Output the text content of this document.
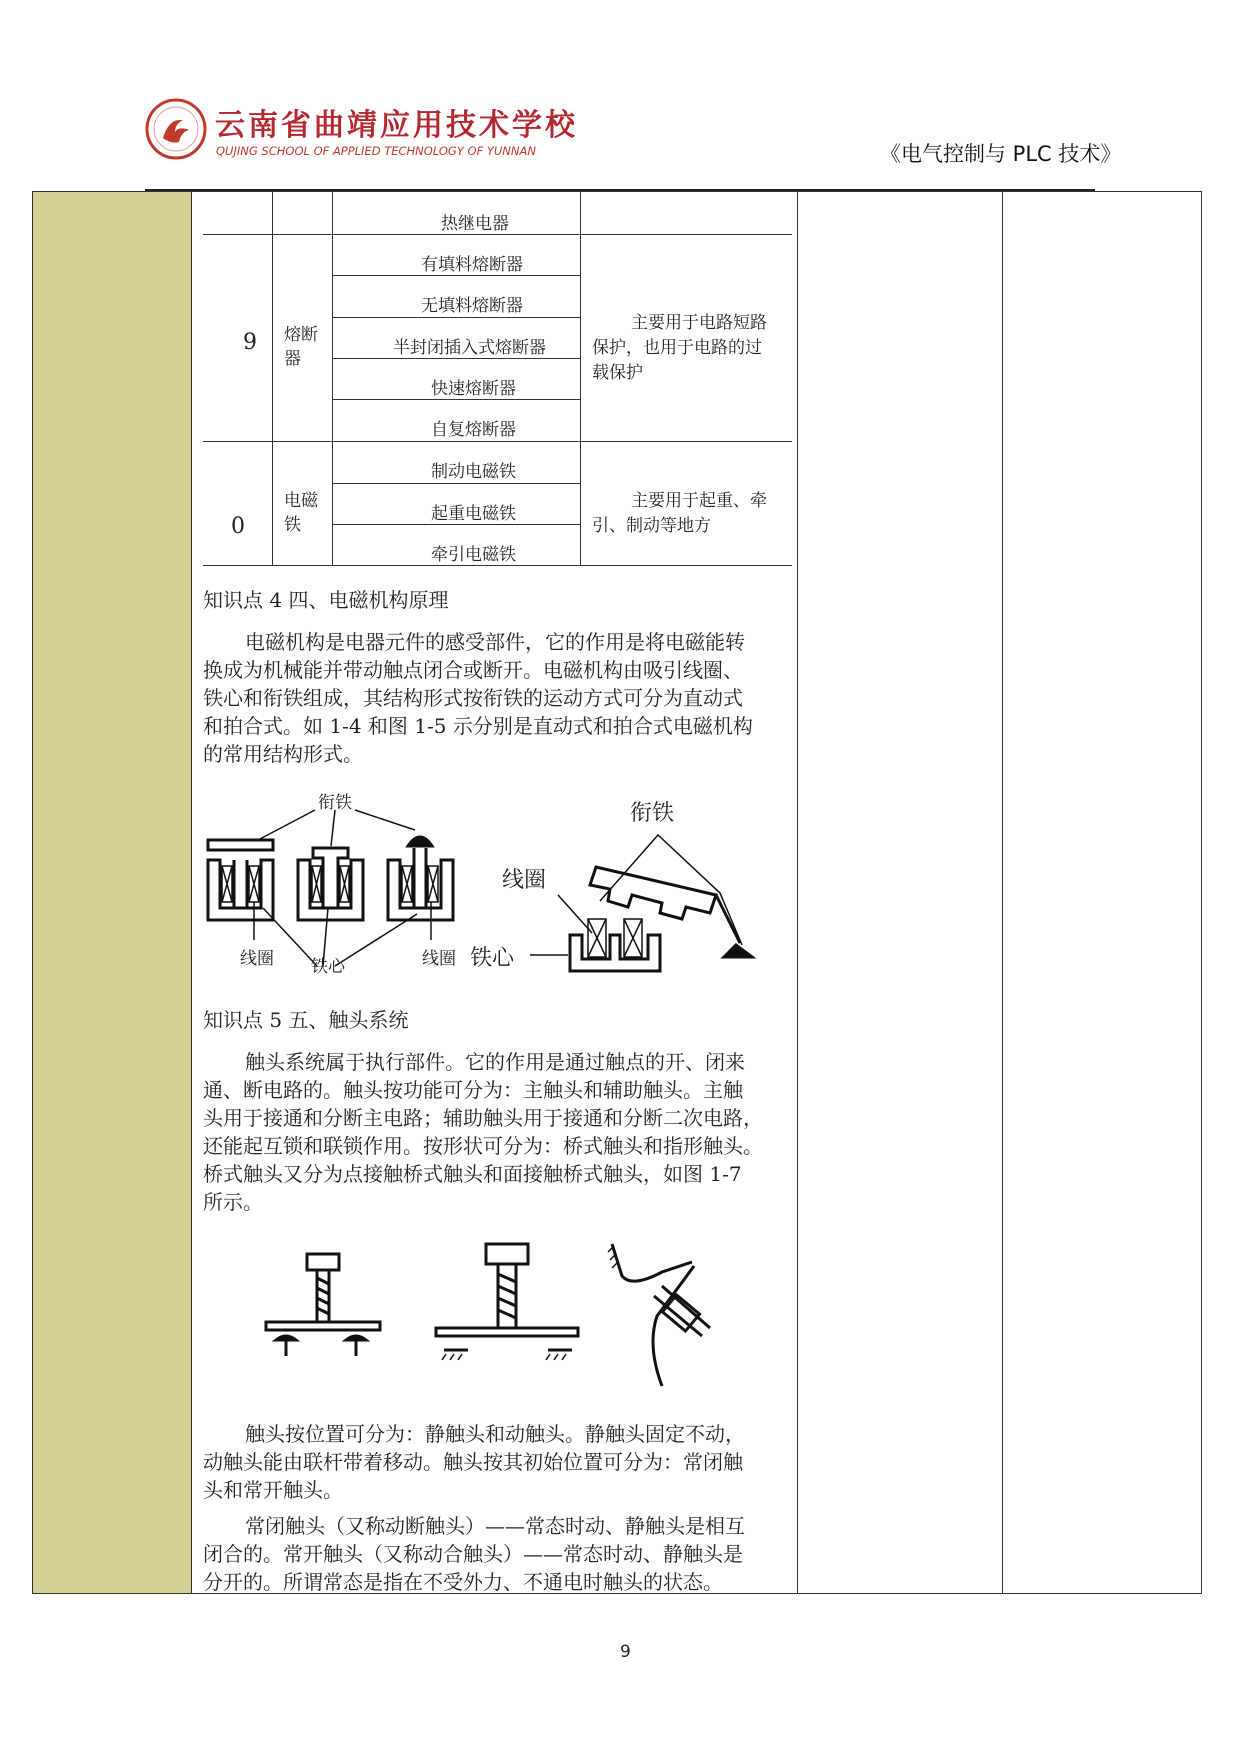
云南省曲靖应用技术学校
QUJING SCHOOL OF APPLIED TECHNOLOGY OF YUNNAN	《电气控制与 PLC 技术》
热继电器
9 熔断
器
有填料熔断器
无填料熔断器
半封闭插入式熔断器
快速熔断器
自复熔断器
主要用于电路短路
保护，也用于电路的过
载保护
0
电磁
铁
制动电磁铁
起重电磁铁
牵引电磁铁
主要用于起重、牵
引、制动等地方
知识点 4 四、电磁机构原理
电磁机构是电器元件的感受部件，它的作用是将电磁能转
换成为机械能并带动触点闭合或断开。电磁机构由吸引线圈、
铁心和衔铁组成，其结构形式按衔铁的运动方式可分为直动式
和拍合式。如 1-4 和图 1-5 示分别是直动式和拍合式电磁机构
的常用结构形式。
衔铁
线圈 铁心	线圈
衔铁
线圈
铁心
知识点 5 五、触头系统
触头系统属于执行部件。它的作用是通过触点的开、闭来
通、断电路的。触头按功能可分为：主触头和辅助触头。主触
头用于接通和分断主电路；辅助触头用于接通和分断二次电路，
还能起互锁和联锁作用。按形状可分为：桥式触头和指形触头。
桥式触头又分为点接触桥式触头和面接触桥式触头，如图 1-7
所示。
触头按位置可分为：静触头和动触头。静触头固定不动，
动触头能由联杆带着移动。触头按其初始位置可分为：常闭触
头和常开触头。
常闭触头（又称动断触头）——常态时动、静触头是相互
闭合的。常开触头（又称动合触头）——常态时动、静触头是
分开的。所谓常态是指在不受外力、不通电时触头的状态。
9
